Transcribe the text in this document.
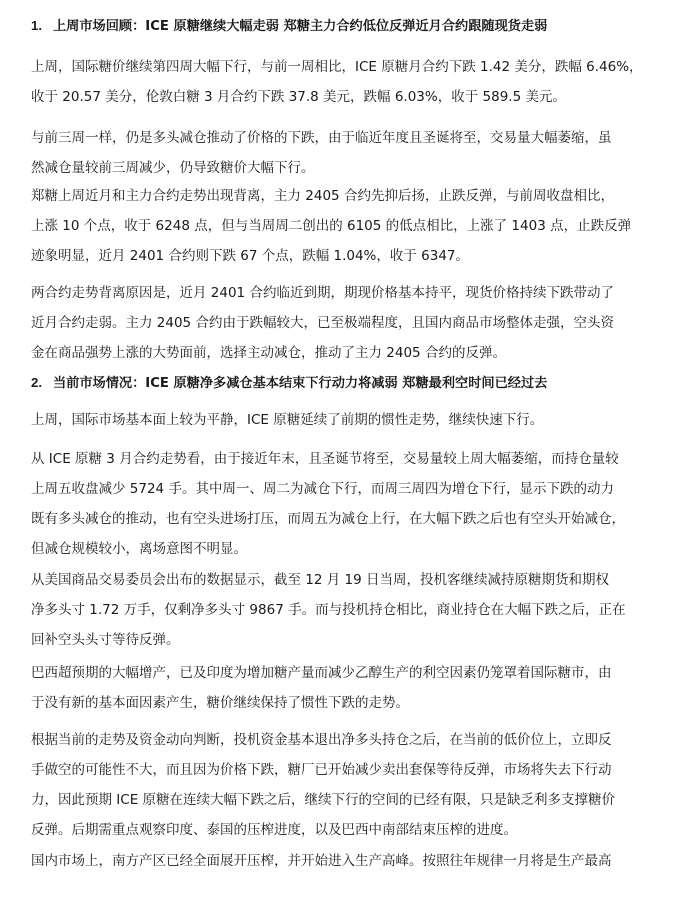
1. 上周市场回顾：ICE 原糖继续大幅走弱 郑糖主力合约低位反弹近月合约跟随现货走弱
上周，国际糖价继续第四周大幅下行，与前一周相比，ICE 原糖月合约下跌 1.42 美分，跌幅 6.46%，
收于 20.57 美分，伦敦白糖 3 月合约下跌 37.8 美元，跌幅 6.03%，收于 589.5 美元。
与前三周一样，仍是多头减仓推动了价格的下跌，由于临近年度且圣诞将至，交易量大幅萎缩，虽
然减仓量较前三周减少，仍导致糖价大幅下行。
郑糖上周近月和主力合约走势出现背离，主力 2405 合约先抑后扬，止跌反弹，与前周收盘相比，
上涨 10 个点，收于 6248 点，但与当周周二创出的 6105 的低点相比，上涨了 1403 点，止跌反弹
迹象明显，近月 2401 合约则下跌 67 个点，跌幅 1.04%，收于 6347。
两合约走势背离原因是，近月 2401 合约临近到期，期现价格基本持平，现货价格持续下跌带动了
近月合约走弱。主力 2405 合约由于跌幅较大，已至极端程度，且国内商品市场整体走强，空头资
金在商品强势上涨的大势面前，选择主动减仓，推动了主力 2405 合约的反弹。
2. 当前市场情况：ICE 原糖净多减仓基本结束下行动力将减弱 郑糖最利空时间已经过去
上周，国际市场基本面上较为平静，ICE 原糖延续了前期的惯性走势，继续快速下行。
从 ICE 原糖 3 月合约走势看，由于接近年末，且圣诞节将至，交易量较上周大幅萎缩，而持仓量较
上周五收盘减少 5724 手。其中周一、周二为减仓下行，而周三周四为增仓下行，显示下跌的动力
既有多头减仓的推动，也有空头进场打压，而周五为减仓上行，在大幅下跌之后也有空头开始减仓，
但减仓规模较小，离场意图不明显。
从美国商品交易委员会出布的数据显示，截至 12 月 19 日当周，投机客继续减持原糖期货和期权
净多头寸 1.72 万手，仅剩净多头寸 9867 手。而与投机持仓相比，商业持仓在大幅下跌之后，正在
回补空头头寸等待反弹。
巴西超预期的大幅增产，已及印度为增加糖产量而减少乙醇生产的利空因素仍笼罩着国际糖市，由
于没有新的基本面因素产生，糖价继续保持了惯性下跌的走势。
根据当前的走势及资金动向判断，投机资金基本退出净多头持仓之后，在当前的低价位上，立即反
手做空的可能性不大，而且因为价格下跌，糖厂已开始减少卖出套保等待反弹，市场将失去下行动
力，因此预期 ICE 原糖在连续大幅下跌之后，继续下行的空间的已经有限，只是缺乏利多支撑糖价
反弹。后期需重点观察印度、泰国的压榨进度，以及巴西中南部结束压榨的进度。
国内市场上，南方产区已经全面展开压榨，并开始进入生产高峰。按照往年规律一月将是生产最高
